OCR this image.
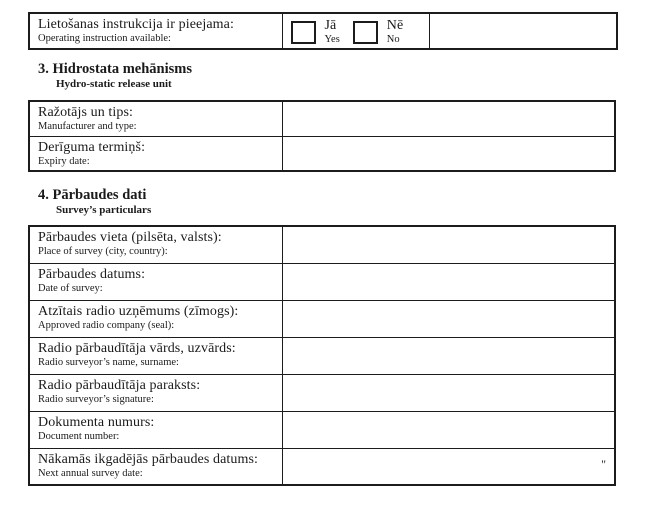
Lietošanas instrukcija ir pieejama:
Operating instruction available:

Jā
Yes
Nē
No

3. Hidrostata mehānisms
Hydro-static release unit
Ražotājs un tips:
Manufacturer and type:	

Derīguma termiņš:
Expiry date:	

4. Pārbaudes dati
Survey’s particulars
Pārbaudes vieta (pilsēta, valsts):
Place of survey (city, country):	

Pārbaudes datums:
Date of survey:	

Atzītais radio uzņēmums (zīmogs):
Approved radio company (seal):	

Radio pārbaudītāja vārds, uzvārds:
Radio surveyor’s name, surname:	

Radio pārbaudītāja paraksts:
Radio surveyor’s signature:	

Dokumenta numurs:
Document number:	

Nākamās ikgadējās pārbaudes datums:
Next annual survey date:	"
